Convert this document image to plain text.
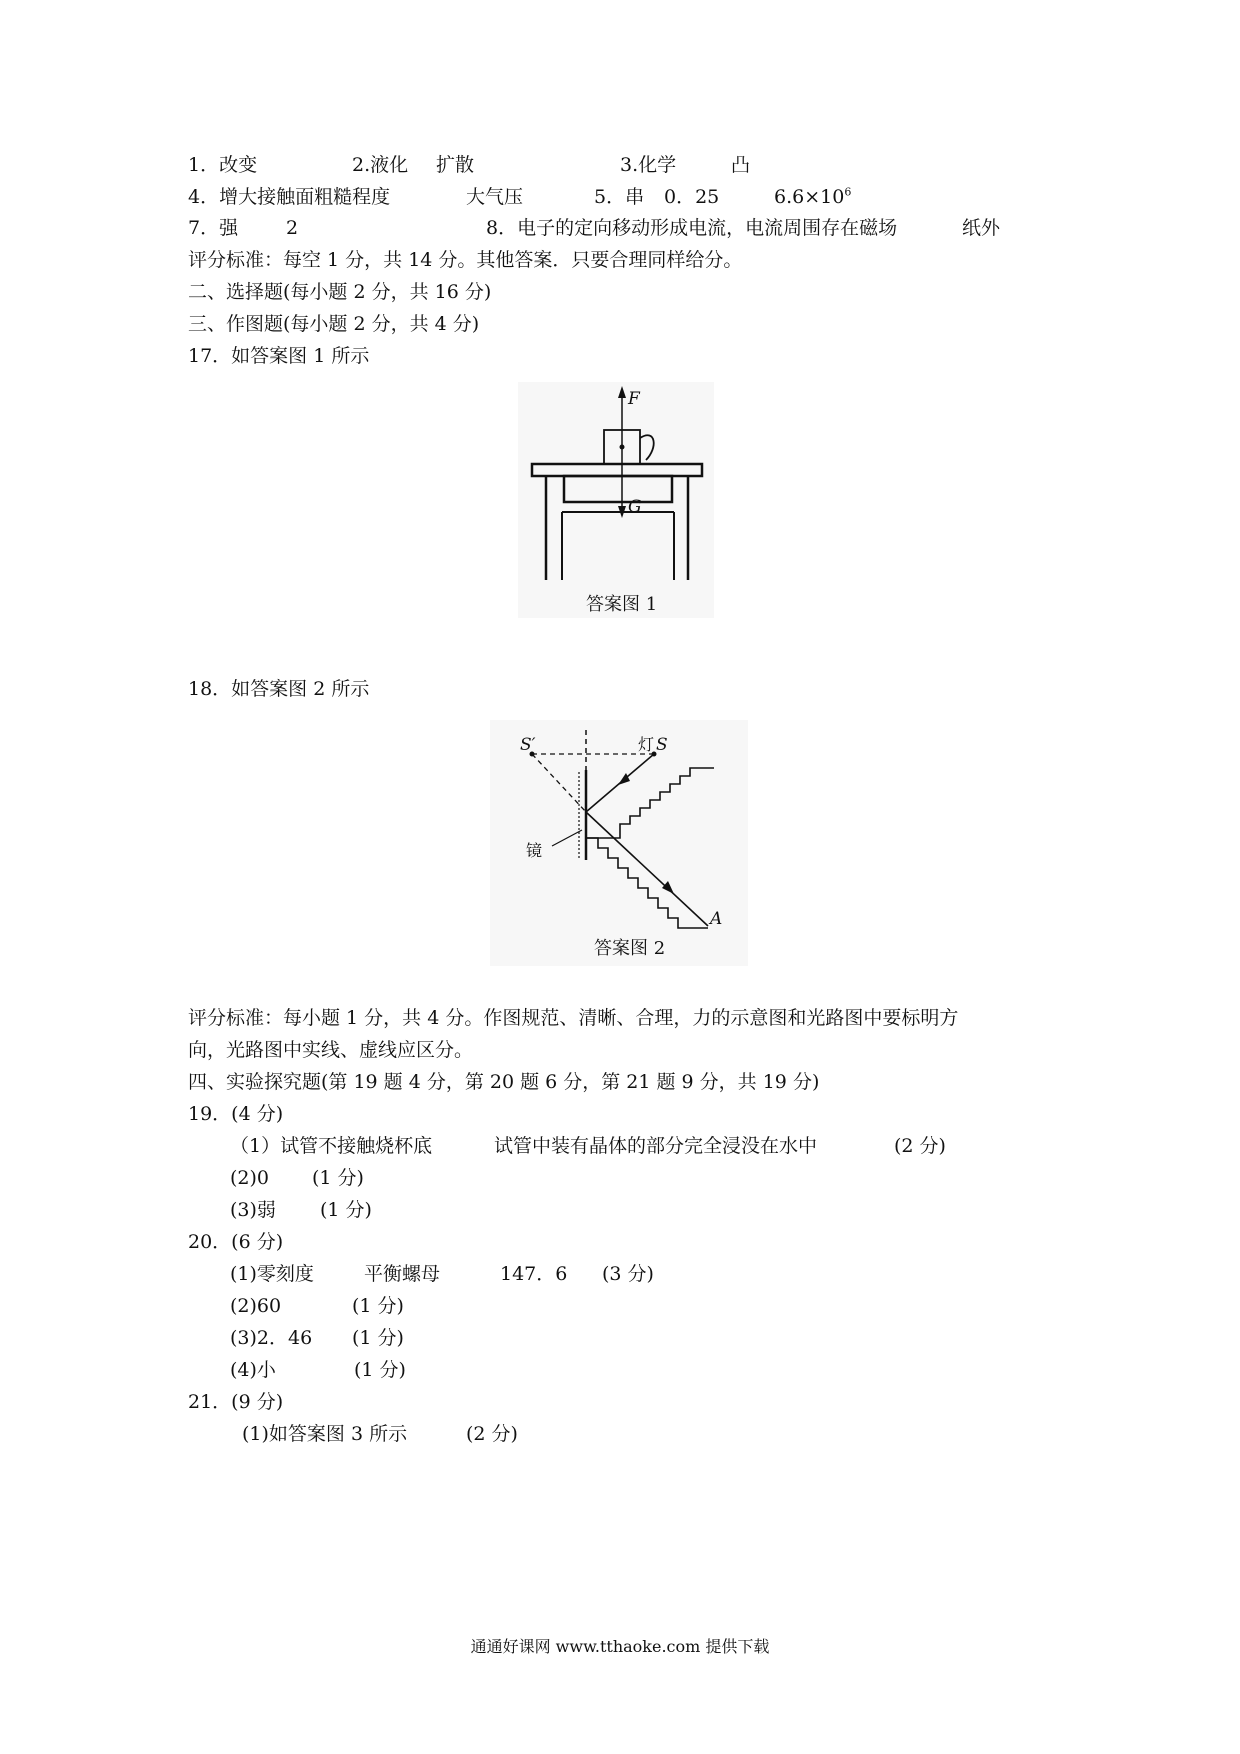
1．改变	2.液化 扩散	3.化学	凸
4．增大接触面粗糙程度	大气压	5．串 0．25	$6.6\times 10^6$
7．强	2	8．电子的定向移动形成电流，电流周围存在磁场	纸外
评分标准：每空 1 分，共 14 分。其他答案．只要合理同样给分。
二、选择题(每小题 2 分，共 16 分)
三、作图题(每小题 2 分，共 4 分)
17．如答案图 1 所示
F
G
答案图 1
18．如答案图 2 所示
S′	灯 S
镜
A
答案图 2
评分标准：每小题 1 分，共 4 分。作图规范、清晰、合理，力的示意图和光路图中要标明方
向，光路图中实线、虚线应区分。
四、实验探究题(第 19 题 4 分，第 20 题 6 分，第 21 题 9 分，共 19 分)
19．(4 分)
（1）试管不接触烧杯底	试管中装有晶体的部分完全浸没在水中	(2 分)
(2)0 (1 分)
(3)弱 (1 分)
20．(6 分)
(1)零刻度	平衡螺母	147．6 (3 分)
(2)60	(1 分)
(3)2．46 (1 分)
(4)小	(1 分)
21．(9 分)
(1)如答案图 3 所示	(2 分)
通通好课网 www.tthaoke.com 提供下载
